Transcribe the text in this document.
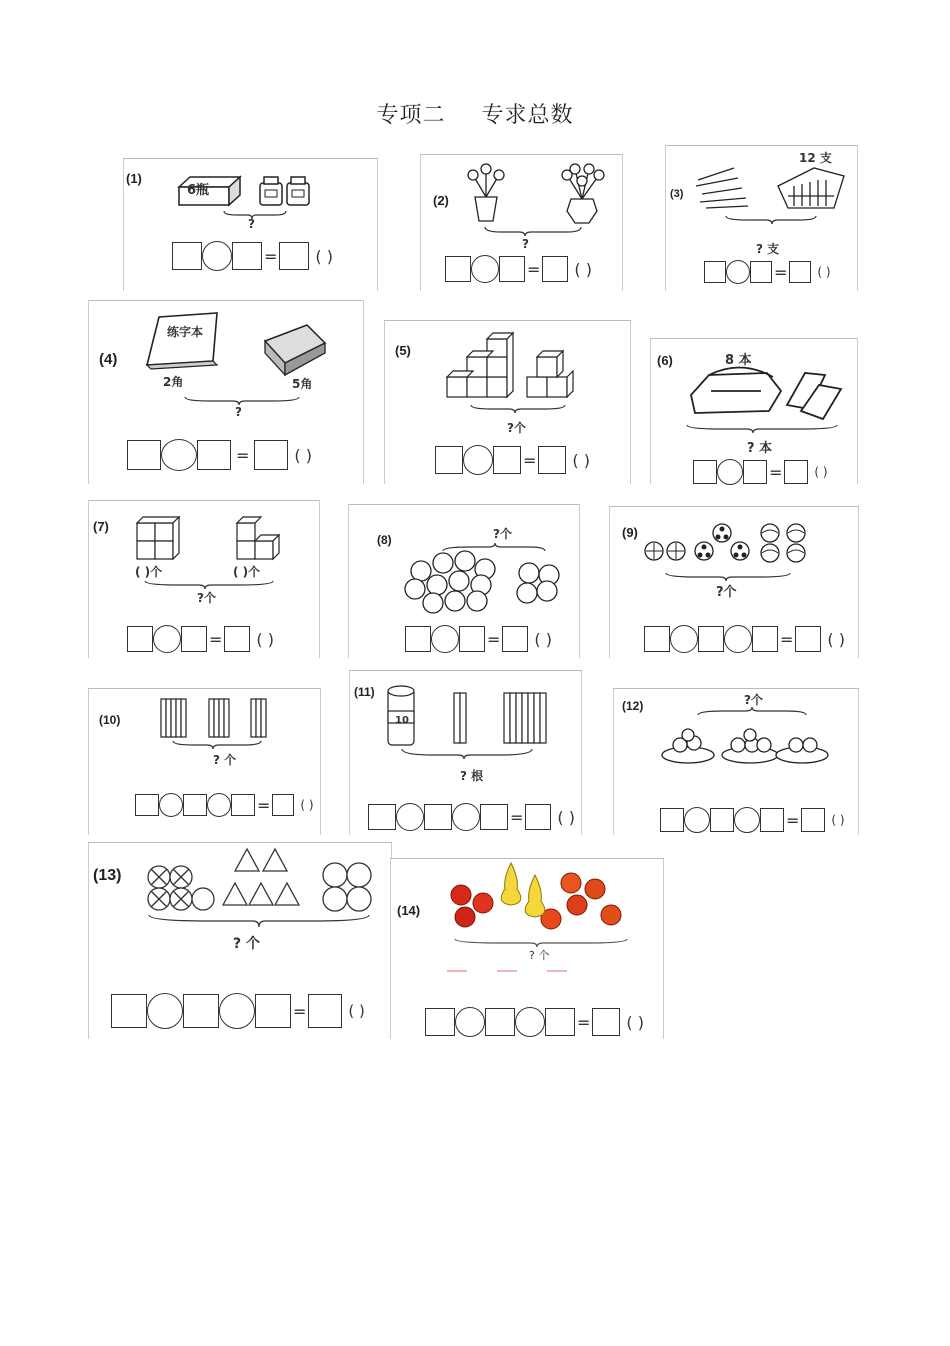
专项二 专求总数
(1)
6瓶
?
= ( )
(2)
?
= ( )
(3)
12 支
? 支
=	( )
(4)
练字本
2角	5角
?
=	( )
(5)
?个
= ( )
(6)	8 本
? 本
=	( )
(7)
( )个	( )个
?个
= ( )
(8)	?个
= ( )
(9)
?个
= ( )
(10)
? 个
=	( )
(11)
10
? 根
= ( )
(12)	?个
=	( )
(13)
? 个
=	( )
(14)
? 个
= ( )
